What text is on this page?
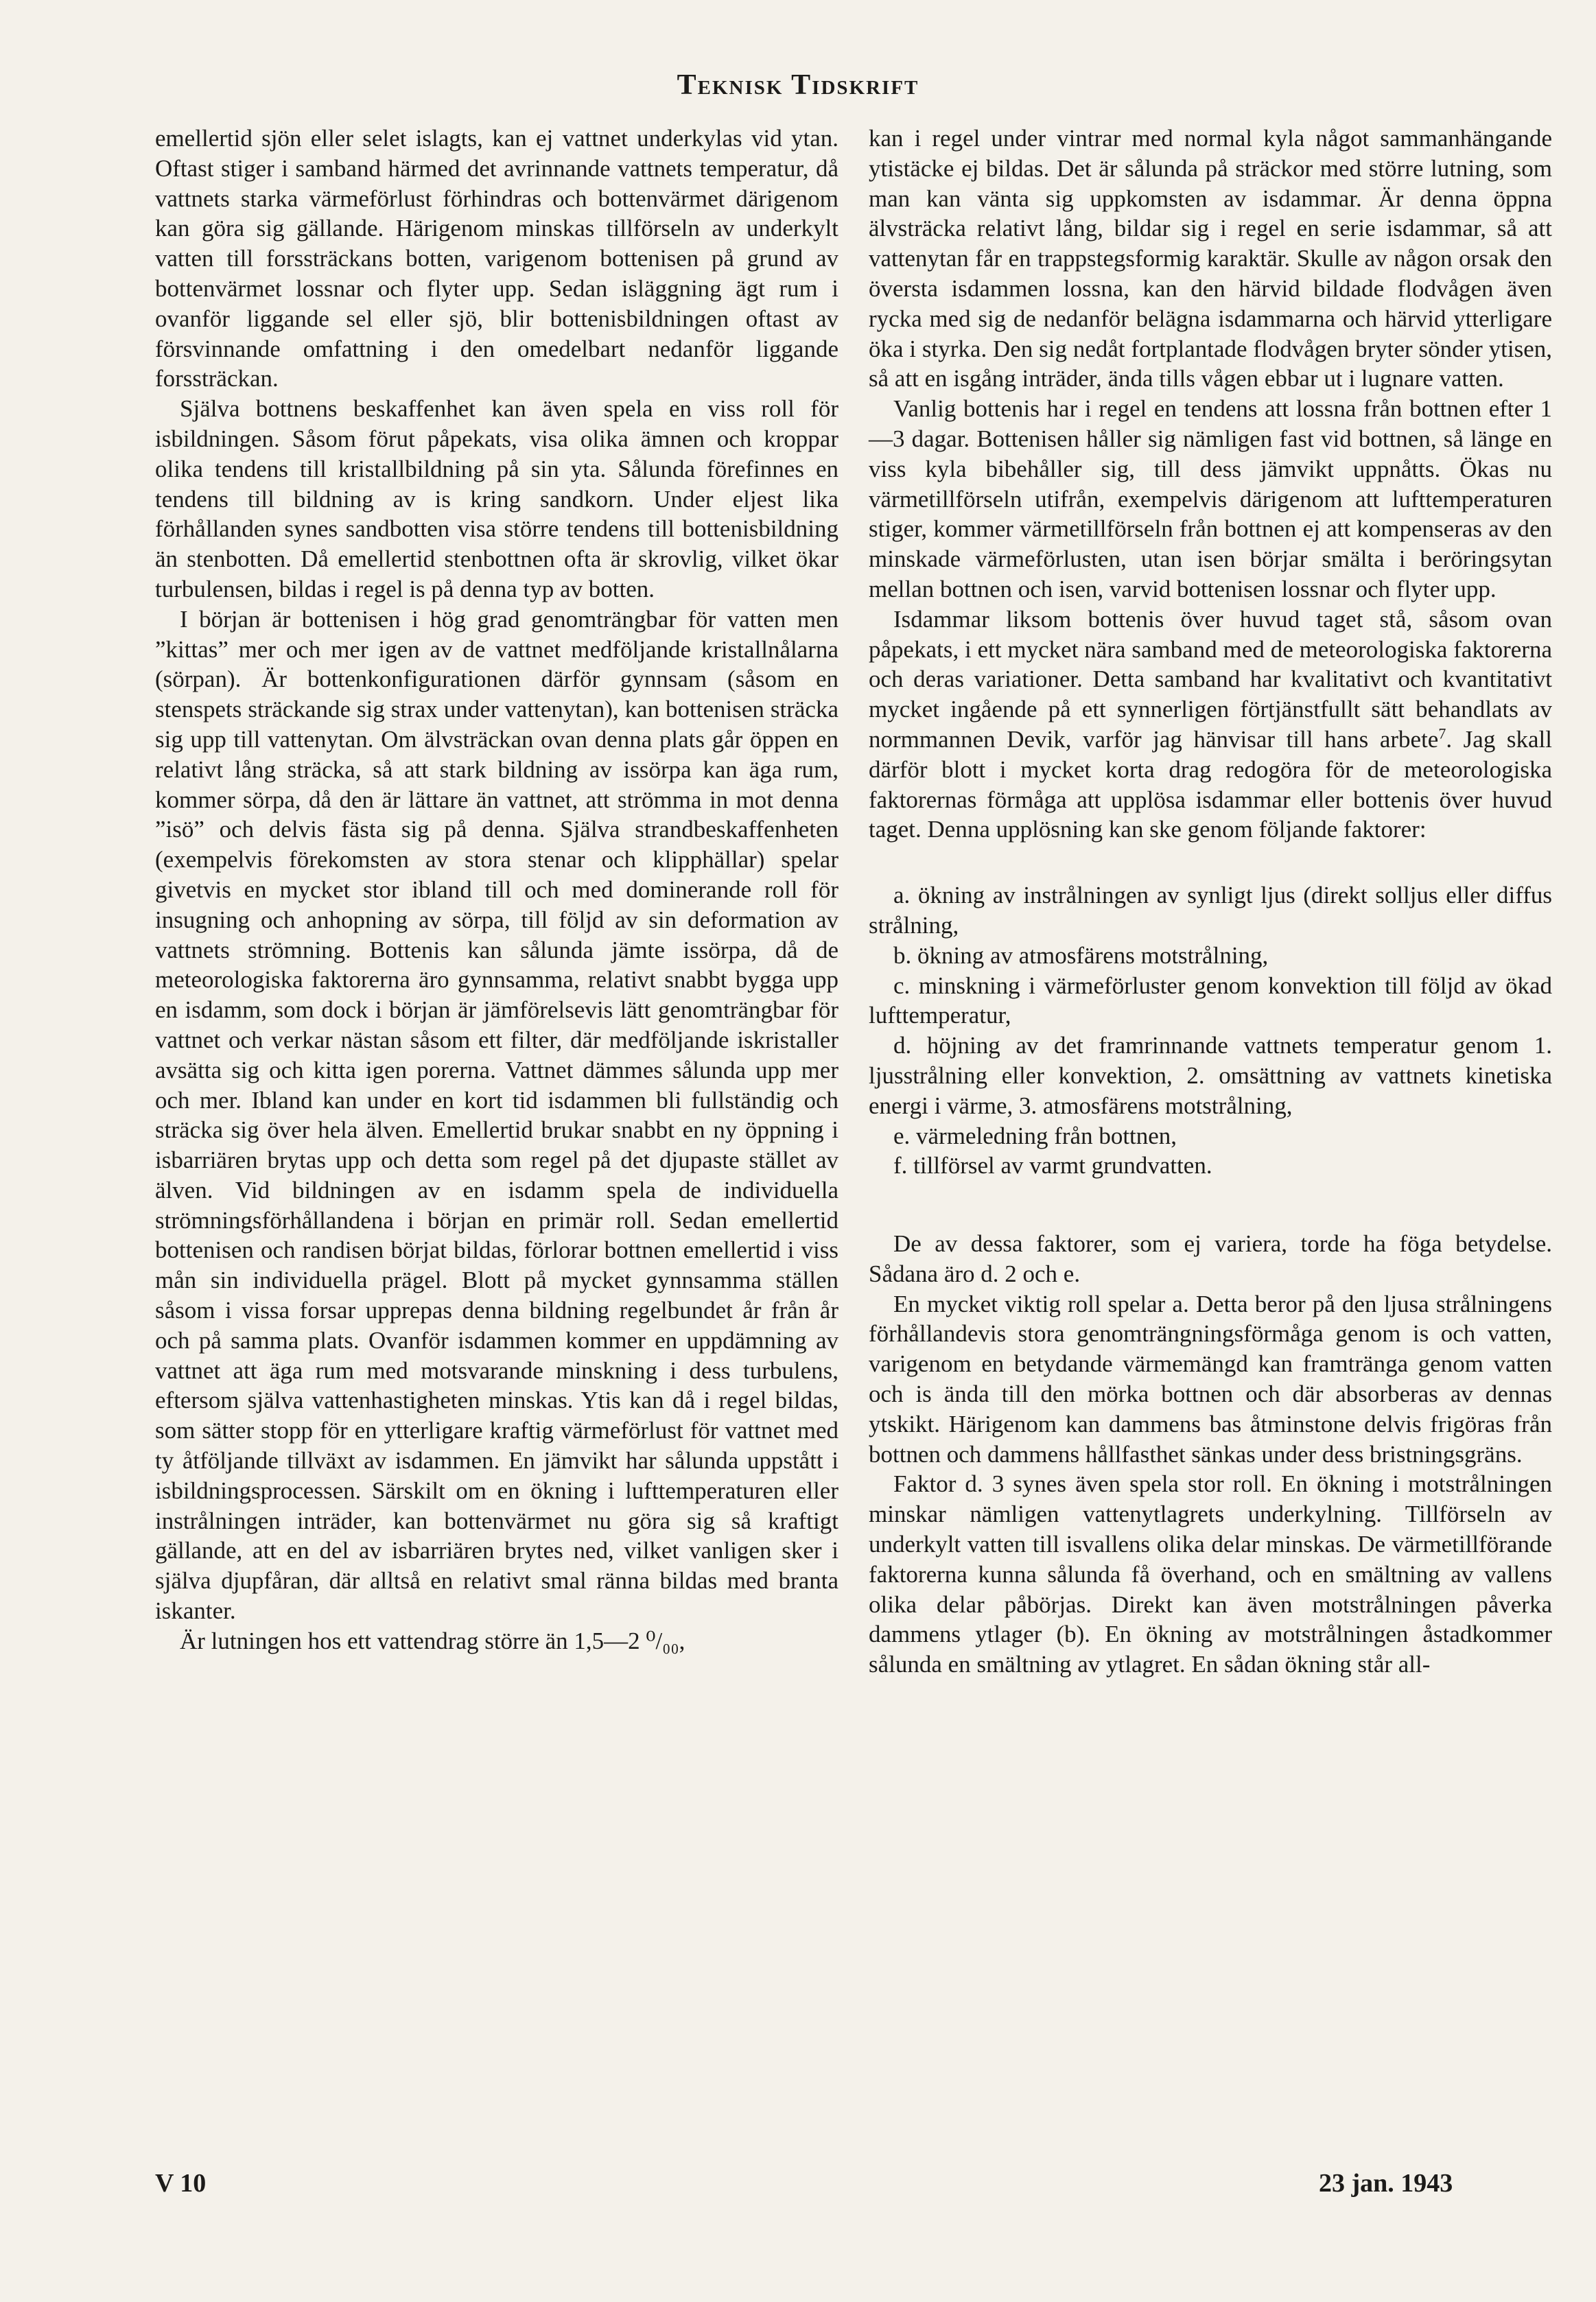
Teknisk Tidskrift

emellertid sjön eller selet islagts, kan ej vattnet underkylas vid ytan. Oftast stiger i samband härmed det avrinnande vattnets temperatur, då vattnets starka värmeförlust förhindras och bottenvärmet därigenom kan göra sig gällande. Härigenom minskas tillförseln av underkylt vatten till forssträckans botten, varigenom bottenisen på grund av bottenvärmet lossnar och flyter upp. Sedan isläggning ägt rum i ovanför liggande sel eller sjö, blir bottenisbildningen oftast av försvinnande omfattning i den omedelbart nedanför liggande forssträckan.

Själva bottnens beskaffenhet kan även spela en viss roll för isbildningen. Såsom förut påpekats, visa olika ämnen och kroppar olika tendens till kristallbildning på sin yta. Sålunda förefinnes en tendens till bildning av is kring sandkorn. Under eljest lika förhållanden synes sandbotten visa större tendens till bottenisbildning än stenbotten. Då emellertid stenbottnen ofta är skrovlig, vilket ökar turbulensen, bildas i regel is på denna typ av botten.

I början är bottenisen i hög grad genomträngbar för vatten men ”kittas” mer och mer igen av de vattnet medföljande kristallnålarna (sörpan). Är bottenkonfigurationen därför gynnsam (såsom en stenspets sträckande sig strax under vattenytan), kan bottenisen sträcka sig upp till vattenytan. Om älvsträckan ovan denna plats går öppen en relativt lång sträcka, så att stark bildning av issörpa kan äga rum, kommer sörpa, då den är lättare än vattnet, att strömma in mot denna ”isö” och delvis fästa sig på denna. Själva strandbeskaffenheten (exempelvis förekomsten av stora stenar och klipphällar) spelar givetvis en mycket stor ibland till och med dominerande roll för insugning och anhopning av sörpa, till följd av sin deformation av vattnets strömning. Bottenis kan sålunda jämte issörpa, då de meteorologiska faktorerna äro gynnsamma, relativt snabbt bygga upp en isdamm, som dock i början är jämförelsevis lätt genomträngbar för vattnet och verkar nästan såsom ett filter, där medföljande iskristaller avsätta sig och kitta igen porerna. Vattnet dämmes sålunda upp mer och mer. Ibland kan under en kort tid isdammen bli fullständig och sträcka sig över hela älven. Emellertid brukar snabbt en ny öppning i isbarriären brytas upp och detta som regel på det djupaste stället av älven. Vid bildningen av en isdamm spela de individuella strömningsförhållandena i början en primär roll. Sedan emellertid bottenisen och randisen börjat bildas, förlorar bottnen emellertid i viss mån sin individuella prägel. Blott på mycket gynnsamma ställen såsom i vissa forsar upprepas denna bildning regelbundet år från år och på samma plats. Ovanför isdammen kommer en uppdämning av vattnet att äga rum med motsvarande minskning i dess turbulens, eftersom själva vattenhastigheten minskas. Ytis kan då i regel bildas, som sätter stopp för en ytterligare kraftig värmeförlust för vattnet med ty åtföljande tillväxt av isdammen. En jämvikt har sålunda uppstått i isbildningsprocessen. Särskilt om en ökning i lufttemperaturen eller instrålningen inträder, kan bottenvärmet nu göra sig så kraftigt gällande, att en del av isbarriären brytes ned, vilket vanligen sker i själva djupfåran, där alltså en relativt smal ränna bildas med branta iskanter.

Är lutningen hos ett vattendrag större än 1,5—2 ⁰/₀₀,

kan i regel under vintrar med normal kyla något sammanhängande ytistäcke ej bildas. Det är sålunda på sträckor med större lutning, som man kan vänta sig uppkomsten av isdammar. Är denna öppna älvsträcka relativt lång, bildar sig i regel en serie isdammar, så att vattenytan får en trappstegsformig karaktär. Skulle av någon orsak den översta isdammen lossna, kan den härvid bildade flodvågen även rycka med sig de nedanför belägna isdammarna och härvid ytterligare öka i styrka. Den sig nedåt fortplantade flodvågen bryter sönder ytisen, så att en isgång inträder, ända tills vågen ebbar ut i lugnare vatten.

Vanlig bottenis har i regel en tendens att lossna från bottnen efter 1—3 dagar. Bottenisen håller sig nämligen fast vid bottnen, så länge en viss kyla bibehåller sig, till dess jämvikt uppnåtts. Ökas nu värmetillförseln utifrån, exempelvis därigenom att lufttemperaturen stiger, kommer värmetillförseln från bottnen ej att kompenseras av den minskade värmeförlusten, utan isen börjar smälta i beröringsytan mellan bottnen och isen, varvid bottenisen lossnar och flyter upp.

Isdammar liksom bottenis över huvud taget stå, såsom ovan påpekats, i ett mycket nära samband med de meteorologiska faktorerna och deras variationer. Detta samband har kvalitativt och kvantitativt mycket ingående på ett synnerligen förtjänstfullt sätt behandlats av normmannen Devik, varför jag hänvisar till hans arbete$^7$. Jag skall därför blott i mycket korta drag redogöra för de meteorologiska faktorernas förmåga att upplösa isdammar eller bottenis över huvud taget. Denna upplösning kan ske genom följande faktorer:

a. ökning av instrålningen av synligt ljus (direkt solljus eller diffus strålning,

b. ökning av atmosfärens motstrålning,

c. minskning i värmeförluster genom konvektion till följd av ökad lufttemperatur,

d. höjning av det framrinnande vattnets temperatur genom 1. ljusstrålning eller konvektion, 2. omsättning av vattnets kinetiska energi i värme, 3. atmosfärens motstrålning,

e. värmeledning från bottnen,

f. tillförsel av varmt grundvatten.

De av dessa faktorer, som ej variera, torde ha föga betydelse. Sådana äro d. 2 och e.

En mycket viktig roll spelar a. Detta beror på den ljusa strålningens förhållandevis stora genomträngningsförmåga genom is och vatten, varigenom en betydande värmemängd kan framtränga genom vatten och is ända till den mörka bottnen och där absorberas av dennas ytskikt. Härigenom kan dammens bas åtminstone delvis frigöras från bottnen och dammens hållfasthet sänkas under dess bristningsgräns.

Faktor d. 3 synes även spela stor roll. En ökning i motstrålningen minskar nämligen vattenytlagrets underkylning. Tillförseln av underkylt vatten till isvallens olika delar minskas. De värmetillförande faktorerna kunna sålunda få överhand, och en smältning av vallens olika delar påbörjas. Direkt kan även motstrålningen påverka dammens ytlager (b). En ökning av motstrålningen åstadkommer sålunda en smältning av ytlagret. En sådan ökning står all-

V 10	23 jan. 1943
